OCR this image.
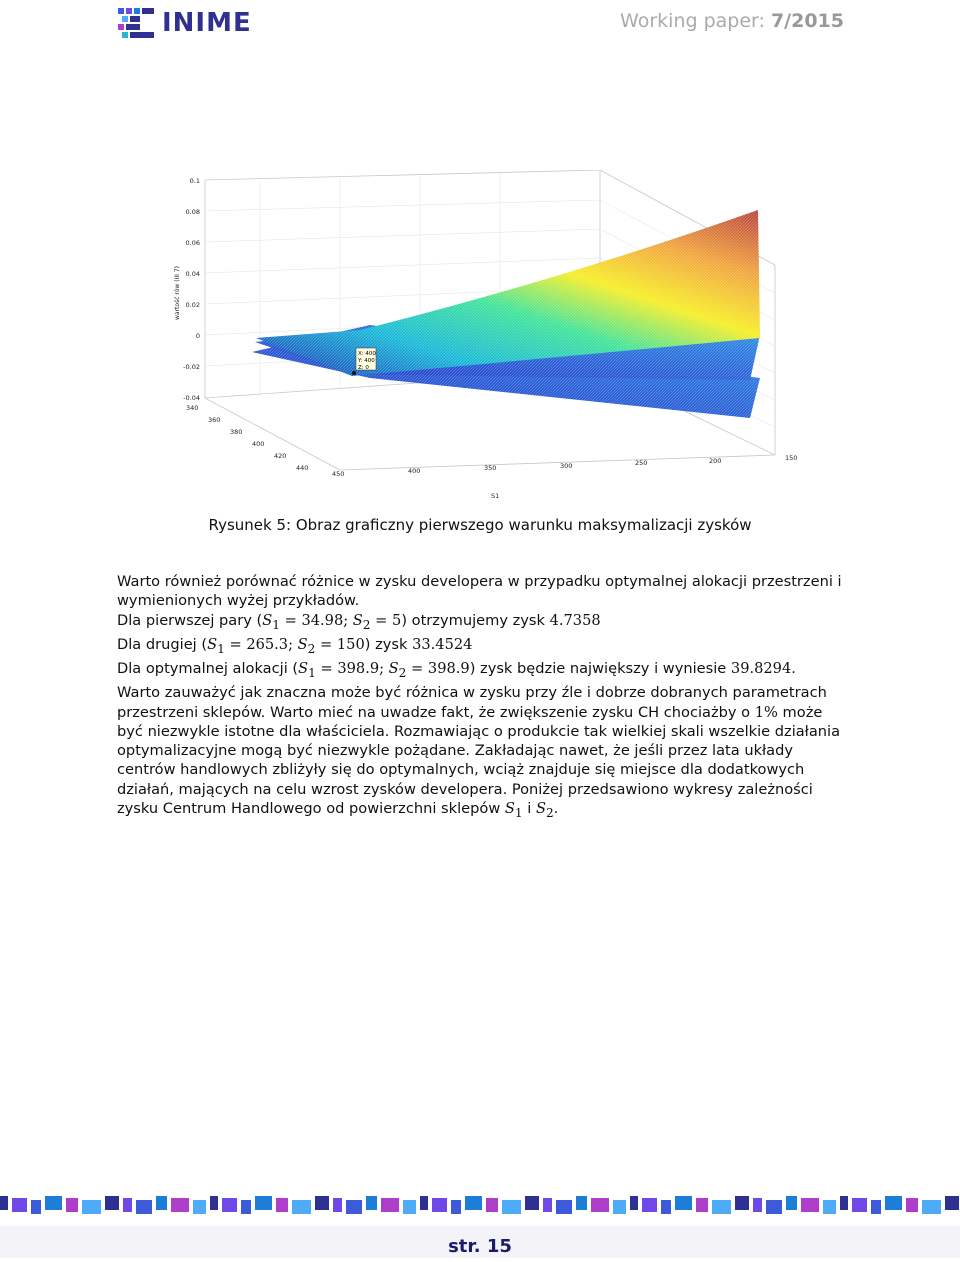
INIME	Working paper: 7/2015
X: 400
Y: 400
Z: 0
0.1
0.08
0.06
0.04
0.02
0
-0.02
-0.04
wartość rów (III 7)
340
360
380
400
420
440
450	400	350	300	250	200	150
S1
Rysunek 5: Obraz graficzny pierwszego warunku maksymalizacji zysków

Warto również porównać różnice w zysku developera w przypadku optymalnej alokacji przestrzeni i wymienionych wyżej przykładów.

Dla pierwszej pary ($S_1 = 34.98$; $S_2 = 5$) otrzymujemy zysk 4.7358

Dla drugiej ($S_1 = 265.3$; $S_2 = 150$) zysk 33.4524

Dla optymalnej alokacji ($S_1 = 398.9$; $S_2 = 398.9$) zysk będzie największy i wyniesie 39.8294.

Warto zauważyć jak znaczna może być różnica w zysku przy źle i dobrze dobranych parametrach przestrzeni sklepów. Warto mieć na uwadze fakt, że zwiększenie zysku CH chociażby o 1% może być niezwykle istotne dla właściciela. Rozmawiając o produkcie tak wielkiej skali wszelkie działania optymalizacyjne mogą być niezwykle pożądane. Zakładając nawet, że jeśli przez lata układy centrów handlowych zbliżyły się do optymalnych, wciąż znajduje się miejsce dla dodatkowych działań, mających na celu wzrost zysków developera. Poniżej przedsawiono wykresy zależności zysku Centrum Handlowego od powierzchni sklepów $S_1$ i $S_2$.

str. 15
